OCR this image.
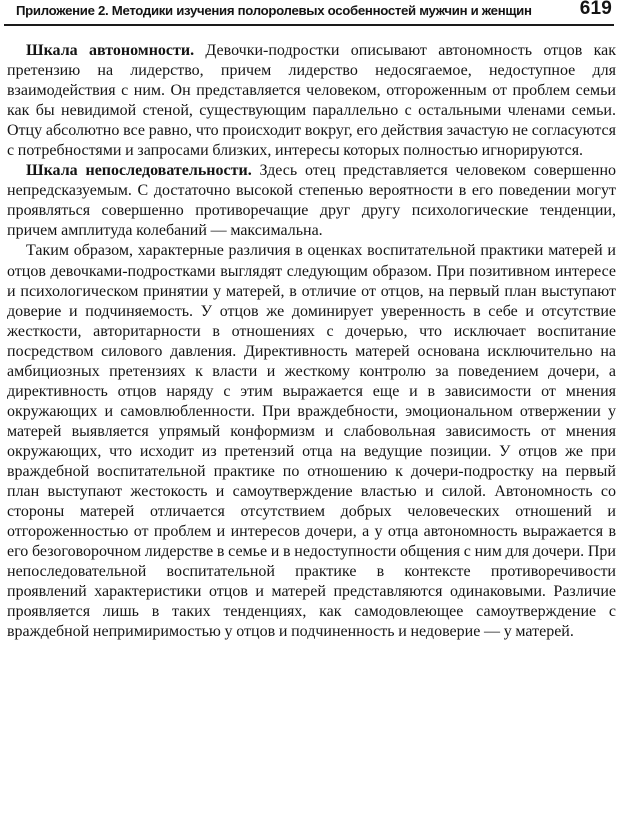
Приложение 2. Методики изучения полоролевых особенностей мужчин и женщин	619

Шкала автономности. Девочки-подростки описывают автономность отцов как претензию на лидерство, причем лидерство недосягаемое, недоступное для взаимодействия с ним. Он представляется человеком, отгороженным от проблем семьи как бы невидимой стеной, существующим параллельно с остальными членами семьи. Отцу абсолютно все равно, что происходит вокруг, его действия зачастую не согласуются с потребностями и запросами близких, интересы которых полностью игнорируются.

Шкала непоследовательности. Здесь отец представляется человеком совершенно непредсказуемым. С достаточно высокой степенью вероятности в его поведении могут проявляться совершенно противоречащие друг другу психологические тенденции, причем амплитуда колебаний — максимальна.

Таким образом, характерные различия в оценках воспитательной практики матерей и отцов девочками-подростками выглядят следующим образом. При позитивном интересе и психологическом принятии у матерей, в отличие от отцов, на первый план выступают доверие и подчиняемость. У отцов же доминирует уверенность в себе и отсутствие жесткости, авторитарности в отношениях с дочерью, что исключает воспитание посредством силового давления. Директивность матерей основана исключительно на амбициозных претензиях к власти и жесткому контролю за поведением дочери, а директивность отцов наряду с этим выражается еще и в зависимости от мнения окружающих и самовлюбленности. При враждебности, эмоциональном отвержении у матерей выявляется упрямый конформизм и слабовольная зависимость от мнения окружающих, что исходит из претензий отца на ведущие позиции. У отцов же при враждебной воспитательной практике по отношению к дочери-подростку на первый план выступают жестокость и самоутверждение властью и силой. Автономность со стороны матерей отличается отсутствием добрых человеческих отношений и отгороженностью от проблем и интересов дочери, а у отца автономность выражается в его безоговорочном лидерстве в семье и в недоступности общения с ним для дочери. При непоследовательной воспитательной практике в контексте противоречивости проявлений характеристики отцов и матерей представляются одинаковыми. Различие проявляется лишь в таких тенденциях, как самодовлеющее самоутверждение с враждебной непримиримостью у отцов и подчиненность и недоверие — у матерей.
